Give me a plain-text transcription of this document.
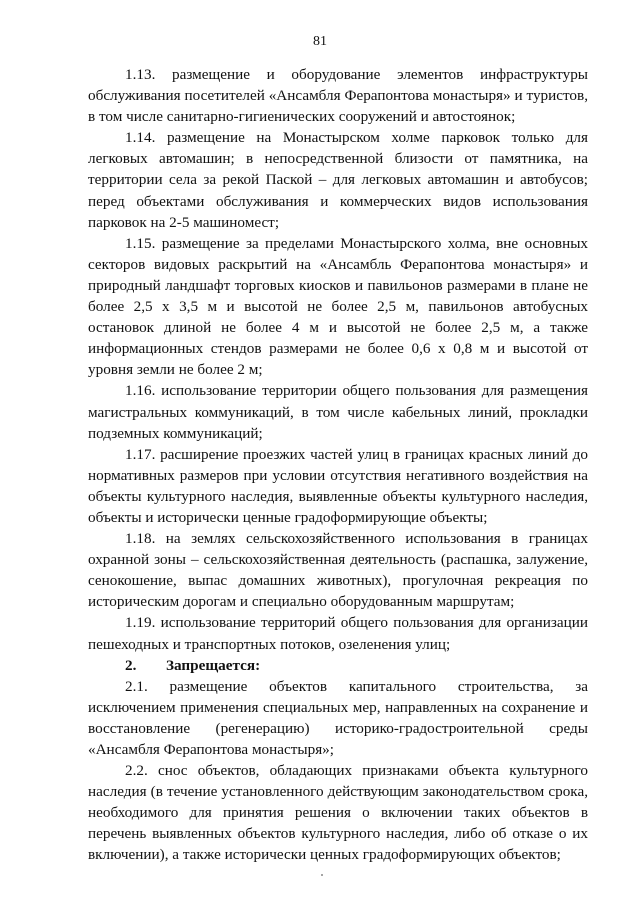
81

1.13. размещение и оборудование элементов инфраструктуры обслуживания посетителей «Ансамбля Ферапонтова монастыря» и туристов, в том числе санитарно-гигиенических сооружений и автостоянок;

1.14. размещение на Монастырском холме парковок только для легковых автомашин; в непосредственной близости от памятника, на территории села за рекой Паской – для легковых автомашин и автобусов; перед объектами обслуживания и коммерческих видов использования парковок на 2-5 машиномест;

1.15. размещение за пределами Монастырского холма, вне основных секторов видовых раскрытий на «Ансамбль Ферапонтова монастыря» и природный ландшафт торговых киосков и павильонов размерами в плане не более 2,5 х 3,5 м и высотой не более 2,5 м, павильонов автобусных остановок длиной не более 4 м и высотой не более 2,5 м, а также информационных стендов размерами не более 0,6 х 0,8 м и высотой от уровня земли не более 2 м;

1.16. использование территории общего пользования для размещения магистральных коммуникаций, в том числе кабельных линий, прокладки подземных коммуникаций;

1.17. расширение проезжих частей улиц в границах красных линий до нормативных размеров при условии отсутствия негативного воздействия на объекты культурного наследия, выявленные объекты культурного наследия, объекты и исторически ценные градоформирующие объекты;

1.18. на землях сельскохозяйственного использования в границах охранной зоны – сельскохозяйственная деятельность (распашка, залужение, сенокошение, выпас домашних животных), прогулочная рекреация по историческим дорогам и специально оборудованным маршрутам;

1.19. использование территорий общего пользования для организации пешеходных и транспортных потоков, озеленения улиц;

2. Запрещается:

2.1. размещение объектов капитального строительства, за исключением применения специальных мер, направленных на сохранение и восстановление (регенерацию) историко-градостроительной среды «Ансамбля Ферапонтова монастыря»;

2.2. снос объектов, обладающих признаками объекта культурного наследия (в течение установленного действующим законодательством срока, необходимого для принятия решения о включении таких объектов в перечень выявленных объектов культурного наследия, либо об отказе о их включении), а также исторически ценных градоформирующих объектов;
